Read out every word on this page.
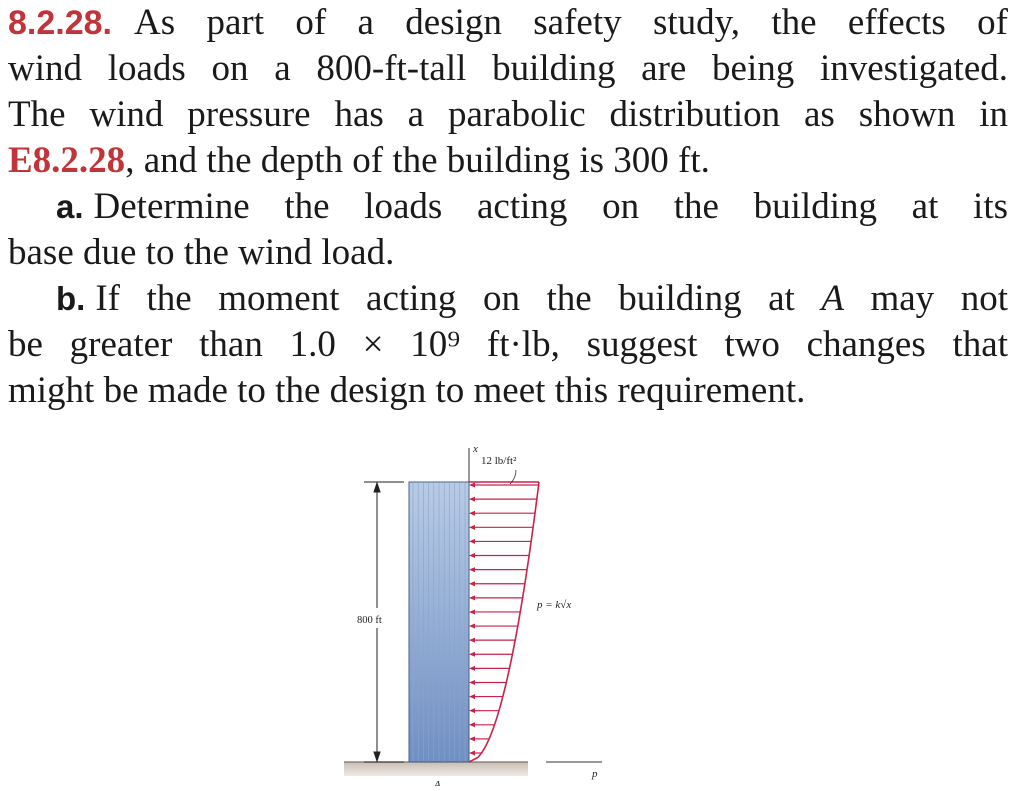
8.2.28. As part of a design safety study, the effects of
wind loads on a 800-ft-tall building are being investigated.
The wind pressure has a parabolic distribution as shown in
E8.2.28, and the depth of the building is 300 ft.
a. Determine the loads acting on the building at its
base due to the wind load.
b. If the moment acting on the building at A may not
be greater than 1.0 × 10⁹ ft·lb, suggest two changes that
might be made to the design to meet this requirement.
x
800 ft
12 lb/ft²
p = k√x
A
p
